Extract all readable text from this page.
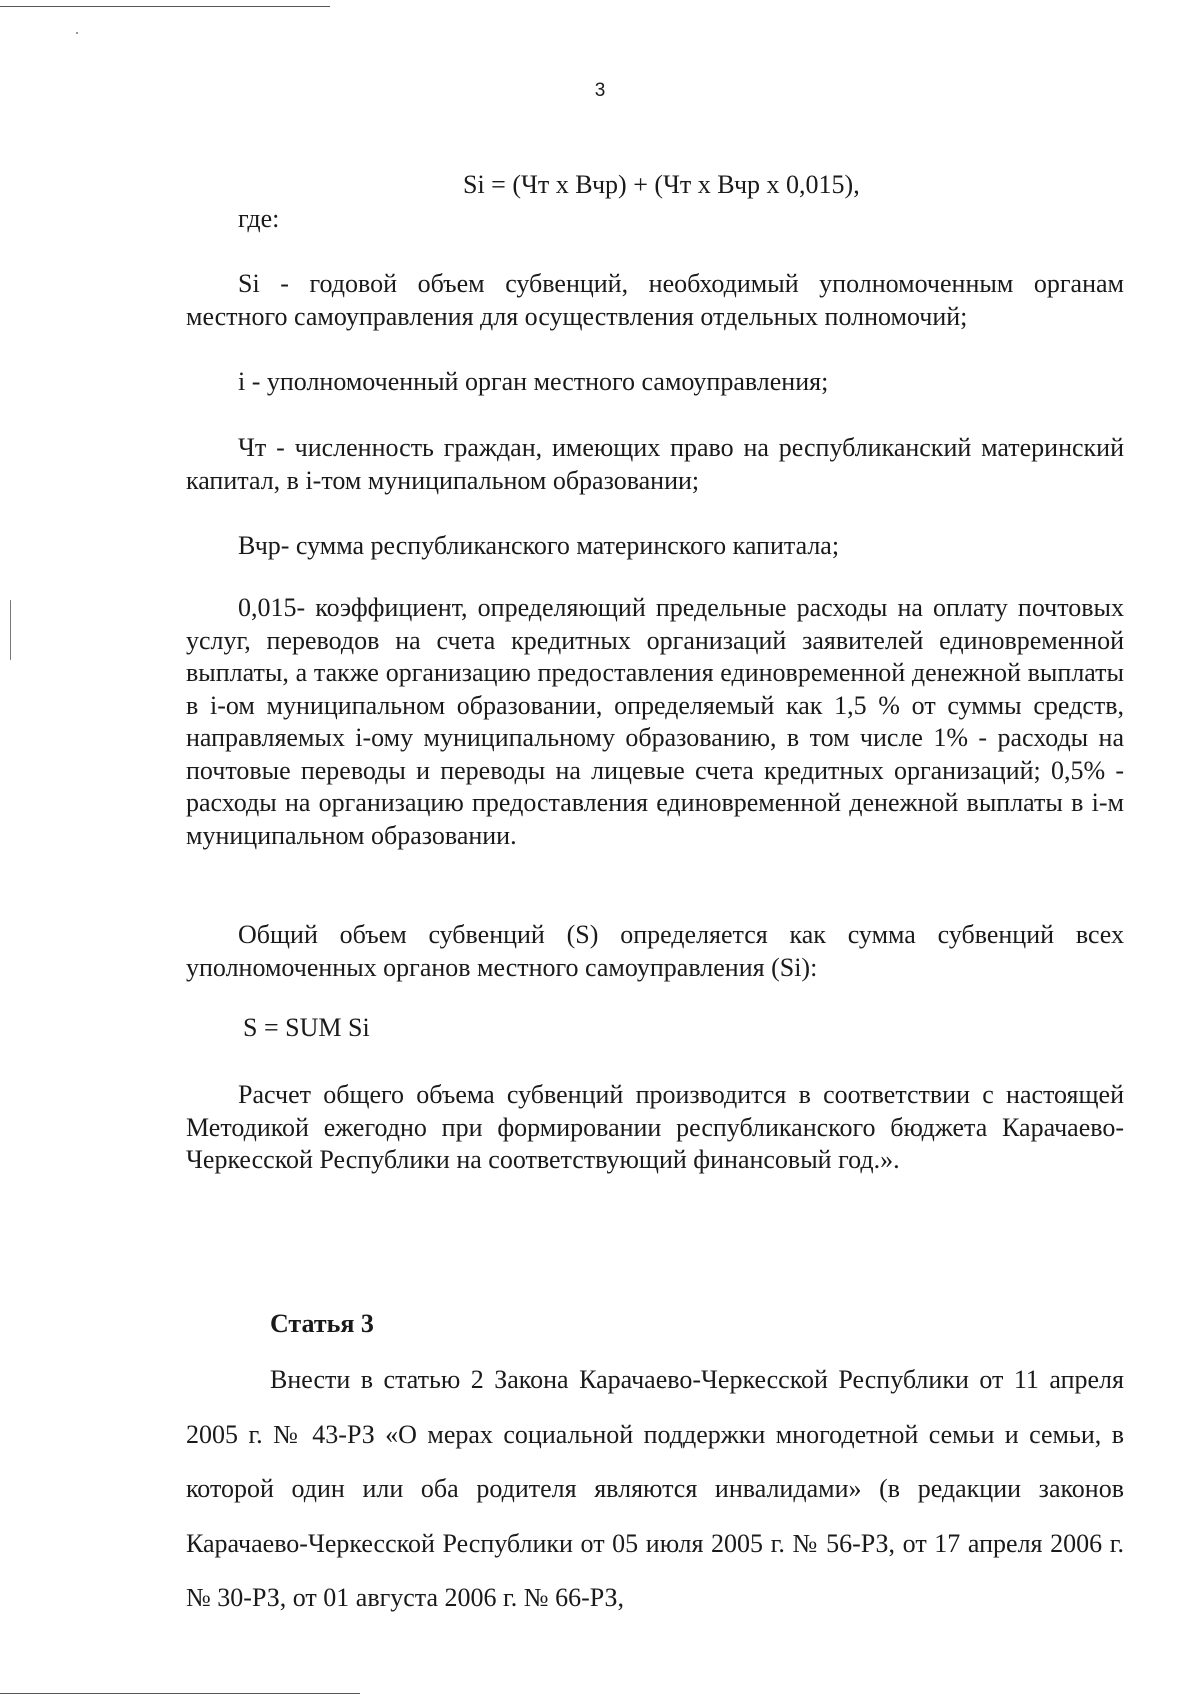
3
Si = (Чт х Вчр) + (Чт х Вчр х 0,015),
где:
Si - годовой объем субвенций, необходимый уполномоченным органам местного самоуправления для осуществления отдельных полномочий;
i - уполномоченный орган местного самоуправления;
Чт - численность граждан, имеющих право на республиканский материнский капитал, в i-том муниципальном образовании;
Вчр- сумма республиканского материнского капитала;
0,015- коэффициент, определяющий предельные расходы на оплату почтовых услуг, переводов на счета кредитных организаций заявителей единовременной выплаты, а также организацию предоставления единовременной денежной выплаты в i-ом муниципальном образовании, определяемый как 1,5 % от суммы средств, направляемых i-ому муниципальному образованию, в том числе 1% - расходы на почтовые переводы и переводы на лицевые счета кредитных организаций; 0,5% - расходы на организацию предоставления единовременной денежной выплаты в i-м муниципальном образовании.
Общий объем субвенций (S) определяется как сумма субвенций всех уполномоченных органов местного самоуправления (Si):
S = SUM Si
Расчет общего объема субвенций производится в соответствии с настоящей Методикой ежегодно при формировании республиканского бюджета Карачаево-Черкесской Республики на соответствующий финансовый год.».
Статья 3
Внести в статью 2 Закона Карачаево-Черкесской Республики от 11 апреля 2005 г. № 43-РЗ «О мерах социальной поддержки многодетной семьи и семьи, в которой один или оба родителя являются инвалидами» (в редакции законов Карачаево-Черкесской Республики от 05 июля 2005 г. № 56-РЗ, от 17 апреля 2006 г. № 30-РЗ, от 01 августа 2006 г. № 66-РЗ,
